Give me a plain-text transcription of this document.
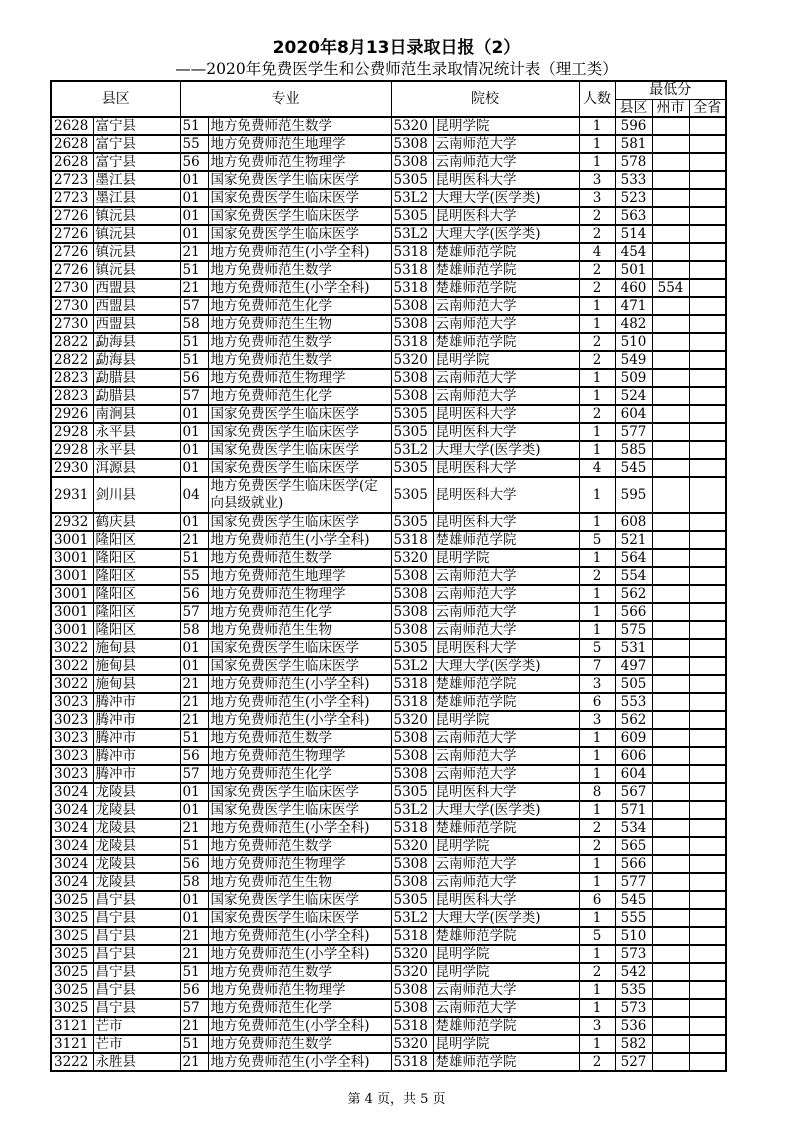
2020年8月13日录取日报（2）
——2020年免费医学生和公费师范生录取情况统计表（理工类）
县区		专业		院校		人数	最低分		
							县区	州市	全省
2628	富宁县	51	地方免费师范生数学	5320	昆明学院	1	596		
2628	富宁县	55	地方免费师范生地理学	5308	云南师范大学	1	581		
2628	富宁县	56	地方免费师范生物理学	5308	云南师范大学	1	578		
2723	墨江县	01	国家免费医学生临床医学	5305	昆明医科大学	3	533		
2723	墨江县	01	国家免费医学生临床医学	53L2	大理大学(医学类)	3	523		
2726	镇沅县	01	国家免费医学生临床医学	5305	昆明医科大学	2	563		
2726	镇沅县	01	国家免费医学生临床医学	53L2	大理大学(医学类)	2	514		
2726	镇沅县	21	地方免费师范生(小学全科)	5318	楚雄师范学院	4	454		
2726	镇沅县	51	地方免费师范生数学	5318	楚雄师范学院	2	501		
2730	西盟县	21	地方免费师范生(小学全科)	5318	楚雄师范学院	2	460	554	
2730	西盟县	57	地方免费师范生化学	5308	云南师范大学	1	471		
2730	西盟县	58	地方免费师范生生物	5308	云南师范大学	1	482		
2822	勐海县	51	地方免费师范生数学	5318	楚雄师范学院	2	510		
2822	勐海县	51	地方免费师范生数学	5320	昆明学院	2	549		
2823	勐腊县	56	地方免费师范生物理学	5308	云南师范大学	1	509		
2823	勐腊县	57	地方免费师范生化学	5308	云南师范大学	1	524		
2926	南涧县	01	国家免费医学生临床医学	5305	昆明医科大学	2	604		
2928	永平县	01	国家免费医学生临床医学	5305	昆明医科大学	1	577		
2928	永平县	01	国家免费医学生临床医学	53L2	大理大学(医学类)	1	585		
2930	洱源县	01	国家免费医学生临床医学	5305	昆明医科大学	4	545		
2931	剑川县	04	地方免费医学生临床医学(定向县级就业)	5305	昆明医科大学	1	595		
2932	鹤庆县	01	国家免费医学生临床医学	5305	昆明医科大学	1	608		
3001	隆阳区	21	地方免费师范生(小学全科)	5318	楚雄师范学院	5	521		
3001	隆阳区	51	地方免费师范生数学	5320	昆明学院	1	564		
3001	隆阳区	55	地方免费师范生地理学	5308	云南师范大学	2	554		
3001	隆阳区	56	地方免费师范生物理学	5308	云南师范大学	1	562		
3001	隆阳区	57	地方免费师范生化学	5308	云南师范大学	1	566		
3001	隆阳区	58	地方免费师范生生物	5308	云南师范大学	1	575		
3022	施甸县	01	国家免费医学生临床医学	5305	昆明医科大学	5	531		
3022	施甸县	01	国家免费医学生临床医学	53L2	大理大学(医学类)	7	497		
3022	施甸县	21	地方免费师范生(小学全科)	5318	楚雄师范学院	3	505		
3023	腾冲市	21	地方免费师范生(小学全科)	5318	楚雄师范学院	6	553		
3023	腾冲市	21	地方免费师范生(小学全科)	5320	昆明学院	3	562		
3023	腾冲市	51	地方免费师范生数学	5308	云南师范大学	1	609		
3023	腾冲市	56	地方免费师范生物理学	5308	云南师范大学	1	606		
3023	腾冲市	57	地方免费师范生化学	5308	云南师范大学	1	604		
3024	龙陵县	01	国家免费医学生临床医学	5305	昆明医科大学	8	567		
3024	龙陵县	01	国家免费医学生临床医学	53L2	大理大学(医学类)	1	571		
3024	龙陵县	21	地方免费师范生(小学全科)	5318	楚雄师范学院	2	534		
3024	龙陵县	51	地方免费师范生数学	5320	昆明学院	2	565		
3024	龙陵县	56	地方免费师范生物理学	5308	云南师范大学	1	566		
3024	龙陵县	58	地方免费师范生生物	5308	云南师范大学	1	577		
3025	昌宁县	01	国家免费医学生临床医学	5305	昆明医科大学	6	545		
3025	昌宁县	01	国家免费医学生临床医学	53L2	大理大学(医学类)	1	555		
3025	昌宁县	21	地方免费师范生(小学全科)	5318	楚雄师范学院	5	510		
3025	昌宁县	21	地方免费师范生(小学全科)	5320	昆明学院	1	573		
3025	昌宁县	51	地方免费师范生数学	5320	昆明学院	2	542		
3025	昌宁县	56	地方免费师范生物理学	5308	云南师范大学	1	535		
3025	昌宁县	57	地方免费师范生化学	5308	云南师范大学	1	573		
3121	芒市	21	地方免费师范生(小学全科)	5318	楚雄师范学院	3	536		
3121	芒市	51	地方免费师范生数学	5320	昆明学院	1	582		
3222	永胜县	21	地方免费师范生(小学全科)	5318	楚雄师范学院	2	527		
第 4 页，共 5 页
